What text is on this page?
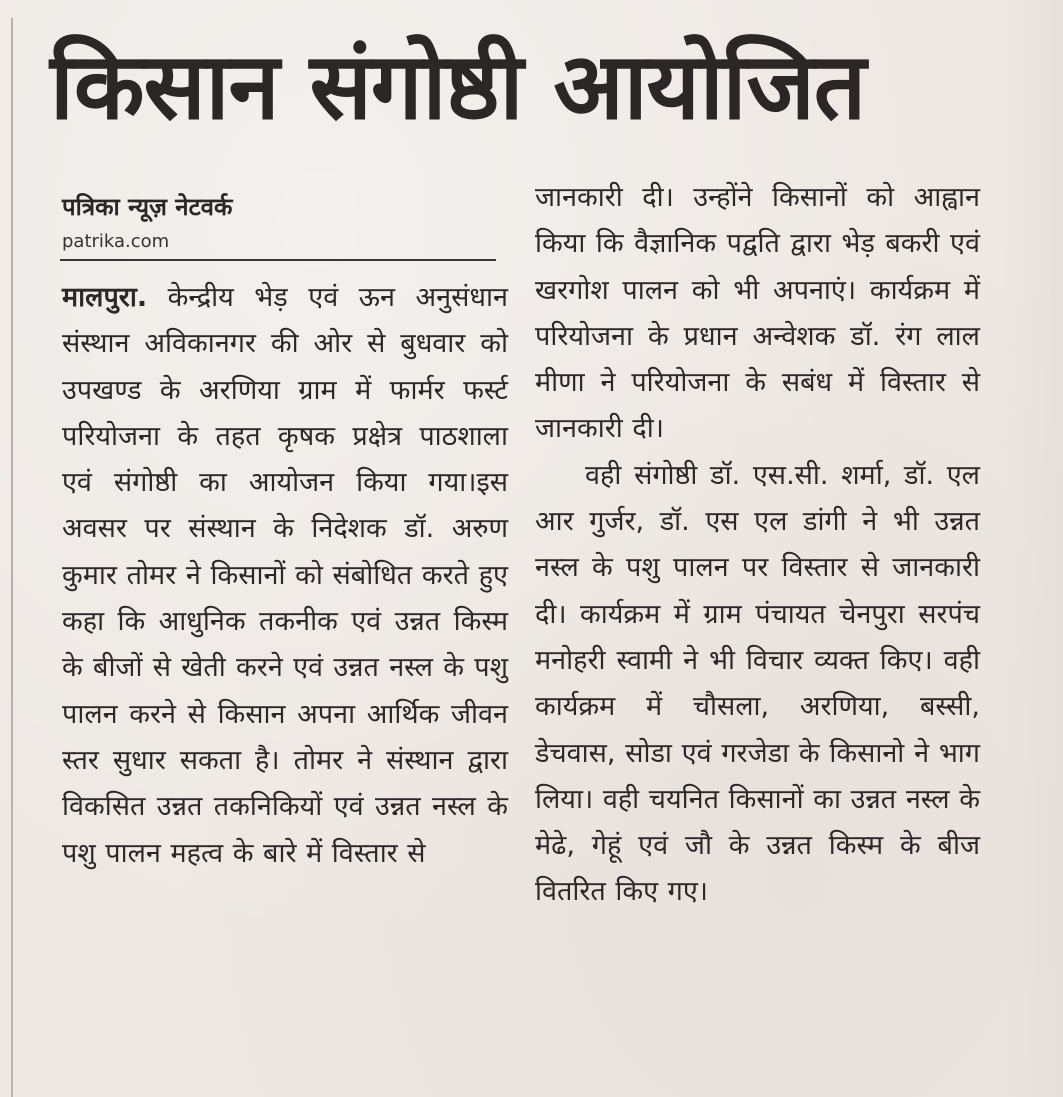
किसान संगोष्ठी आयोजित
पत्रिका न्यूज़ नेटवर्क
patrika.com

मालपुरा. केन्द्रीय भेड़ एवं ऊन अनुसंधान संस्थान अविकानगर की ओर से बुधवार को उपखण्ड के अरणिया ग्राम में फार्मर फर्स्ट परियोजना के तहत कृषक प्रक्षेत्र पाठशाला एवं संगोष्ठी का आयोजन किया गया।इस अवसर पर संस्थान के निदेशक डॉ. अरुण कुमार तोमर ने किसानों को संबोधित करते हुए कहा कि आधुनिक तकनीक एवं उन्नत किस्म के बीजों से खेती करने एवं उन्नत नस्ल के पशु पालन करने से किसान अपना आर्थिक जीवन स्तर सुधार सकता है। तोमर ने संस्थान द्वारा विकसित उन्नत तकनिकियों एवं उन्नत नस्ल के पशु पालन महत्व के बारे में विस्तार से

जानकारी दी। उन्होंने किसानों को आह्वान किया कि वैज्ञानिक पद्वति द्वारा भेड़ बकरी एवं खरगोश पालन को भी अपनाएं। कार्यक्रम में परियोजना के प्रधान अन्वेशक डॉ. रंग लाल मीणा ने परियोजना के सबंध में विस्तार से जानकारी दी।

वही संगोष्ठी डॉ. एस.सी. शर्मा, डॉ. एल आर गुर्जर, डॉ. एस एल डांगी ने भी उन्नत नस्ल के पशु पालन पर विस्तार से जानकारी दी। कार्यक्रम में ग्राम पंचायत चेनपुरा सरपंच मनोहरी स्वामी ने भी विचार व्यक्त किए। वही कार्यक्रम में चौसला, अरणिया, बस्सी, डेचवास, सोडा एवं गरजेडा के किसानो ने भाग लिया। वही चयनित किसानों का उन्नत नस्ल के मेढे, गेहूं एवं जौ के उन्नत किस्म के बीज वितरित किए गए।
